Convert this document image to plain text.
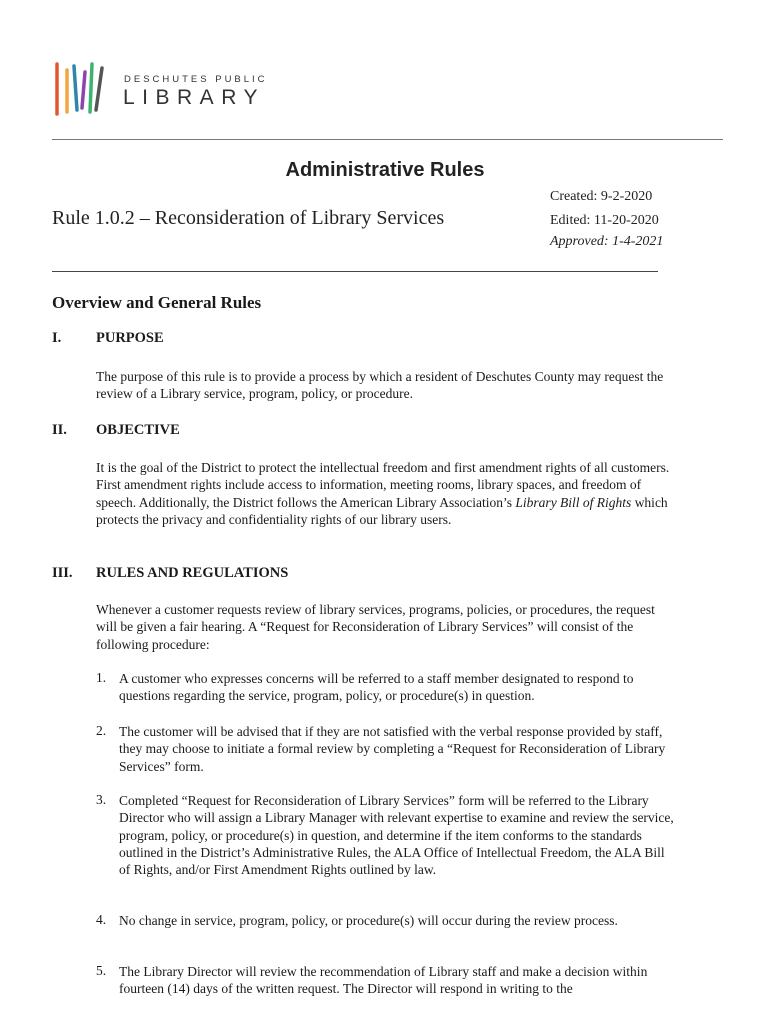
DESCHUTES PUBLIC
LIBRARY
Administrative Rules
Rule 1.0.2 – Reconsideration of Library Services
Created: 9-2-2020
Edited: 11-20-2020
Approved: 1-4-2021
Overview and General Rules
I. PURPOSE
The purpose of this rule is to provide a process by which a resident of Deschutes County may request the review of a Library service, program, policy, or procedure.
II. OBJECTIVE
It is the goal of the District to protect the intellectual freedom and first amendment rights of all customers. First amendment rights include access to information, meeting rooms, library spaces, and freedom of speech. Additionally, the District follows the American Library Association’s Library Bill of Rights which protects the privacy and confidentiality rights of our library users.
III. RULES AND REGULATIONS
Whenever a customer requests review of library services, programs, policies, or procedures, the request will be given a fair hearing. A “Request for Reconsideration of Library Services” will consist of the following procedure:
1. A customer who expresses concerns will be referred to a staff member designated to respond to questions regarding the service, program, policy, or procedure(s) in question.
2. The customer will be advised that if they are not satisfied with the verbal response provided by staff, they may choose to initiate a formal review by completing a “Request for Reconsideration of Library Services” form.
3. Completed “Request for Reconsideration of Library Services” form will be referred to the Library Director who will assign a Library Manager with relevant expertise to examine and review the service, program, policy, or procedure(s) in question, and determine if the item conforms to the standards outlined in the District’s Administrative Rules, the ALA Office of Intellectual Freedom, the ALA Bill of Rights, and/or First Amendment Rights outlined by law.
4. No change in service, program, policy, or procedure(s) will occur during the review process.
5. The Library Director will review the recommendation of Library staff and make a decision within fourteen (14) days of the written request. The Director will respond in writing to the
